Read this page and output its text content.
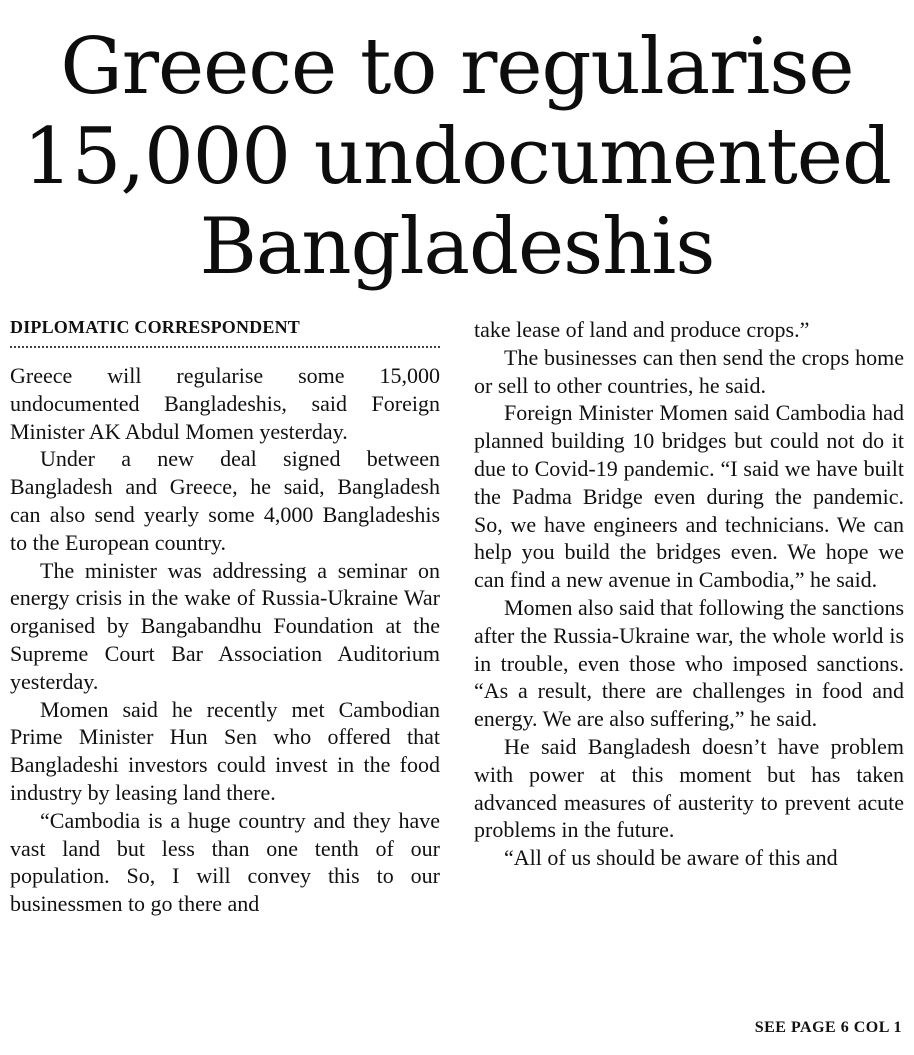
Greece to regularise
15,000 undocumented
Bangladeshis
DIPLOMATIC CORRESPONDENT

Greece will regularise some 15,000 undocumented Bangladeshis, said Foreign Minister AK Abdul Momen yesterday.

Under a new deal signed between Bangladesh and Greece, he said, Bangladesh can also send yearly some 4,000 Bangladeshis to the European country.

The minister was addressing a seminar on energy crisis in the wake of Russia-Ukraine War organised by Bangabandhu Foundation at the Supreme Court Bar Association Auditorium yesterday.

Momen said he recently met Cambodian Prime Minister Hun Sen who offered that Bangladeshi investors could invest in the food industry by leasing land there.

“Cambodia is a huge country and they have vast land but less than one tenth of our population. So, I will convey this to our businessmen to go there and

take lease of land and produce crops.”

The businesses can then send the crops home or sell to other countries, he said.

Foreign Minister Momen said Cambodia had planned building 10 bridges but could not do it due to Covid-19 pandemic. “I said we have built the Padma Bridge even during the pandemic. So, we have engineers and technicians. We can help you build the bridges even. We hope we can find a new avenue in Cambodia,” he said.

Momen also said that following the sanctions after the Russia-Ukraine war, the whole world is in trouble, even those who imposed sanctions. “As a result, there are challenges in food and energy. We are also suffering,” he said.

He said Bangladesh doesn’t have problem with power at this moment but has taken advanced measures of austerity to prevent acute problems in the future.

“All of us should be aware of this and

SEE PAGE 6 COL 1
